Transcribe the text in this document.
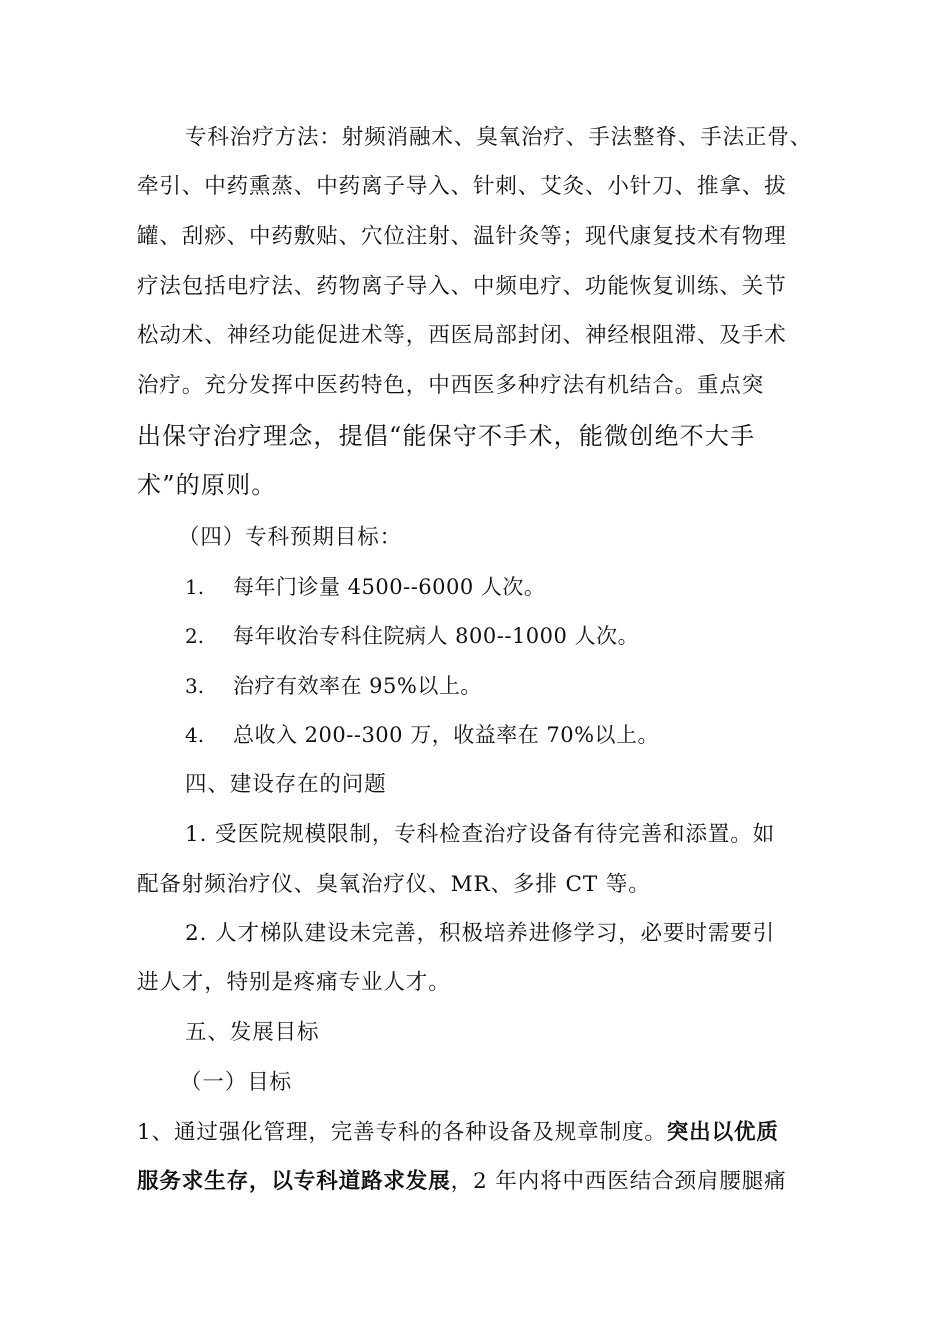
专科治疗方法：射频消融术、臭氧治疗、手法整脊、手法正骨、
牵引、中药熏蒸、中药离子导入、针刺、艾灸、小针刀、推拿、拔
罐、刮痧、中药敷贴、穴位注射、温针灸等；现代康复技术有物理
疗法包括电疗法、药物离子导入、中频电疗、功能恢复训练、关节
松动术、神经功能促进术等，西医局部封闭、神经根阻滞、及手术
治疗。充分发挥中医药特色，中西医多种疗法有机结合。重点突
出保守治疗理念，提倡“能保守不手术，能微创绝不大手
术”的原则。
（四）专科预期目标：
1. 每年门诊量 4500--6000 人次。
2. 每年收治专科住院病人 800--1000 人次。
3. 治疗有效率在 95%以上。
4. 总收入 200--300 万，收益率在 70%以上。
四、建设存在的问题
1. 受医院规模限制，专科检查治疗设备有待完善和添置。如
配备射频治疗仪、臭氧治疗仪、MR、多排 CT 等。
2. 人才梯队建设未完善，积极培养进修学习，必要时需要引
进人才，特别是疼痛专业人才。
五、发展目标
（一）目标
1、通过强化管理，完善专科的各种设备及规章制度。突出以优质
服务求生存，以专科道路求发展，2 年内将中西医结合颈肩腰腿痛
